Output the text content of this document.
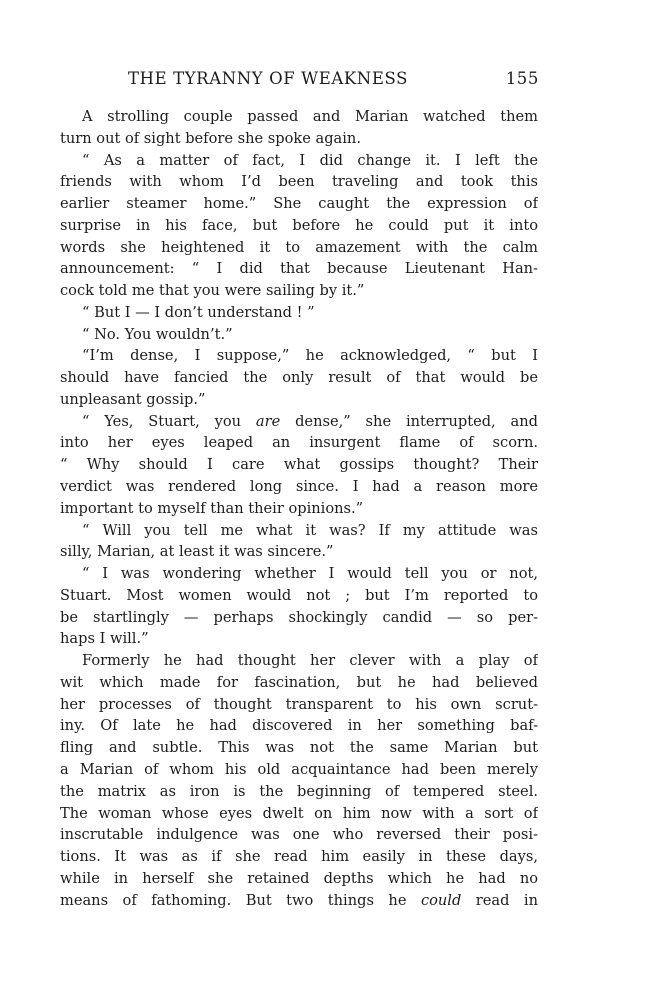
THE TYRANNY OF WEAKNESS	155
A strolling couple passed and Marian watched them
turn out of sight before she spoke again.
“ As a matter of fact, I did change it. I left the
friends with whom I’d been traveling and took this
earlier steamer home.” She caught the expression of
surprise in his face, but before he could put it into
words she heightened it to amazement with the calm
announcement: “ I did that because Lieutenant Han-
cock told me that you were sailing by it.”
“ But I — I don’t understand ! ”
“ No. You wouldn’t.”
“I’m dense, I suppose,” he acknowledged, “ but I
should have fancied the only result of that would be
unpleasant gossip.”
“ Yes, Stuart, you are dense,” she interrupted, and
into her eyes leaped an insurgent flame of scorn.
“ Why should I care what gossips thought? Their
verdict was rendered long since. I had a reason more
important to myself than their opinions.”
“ Will you tell me what it was? If my attitude was
silly, Marian, at least it was sincere.”
“ I was wondering whether I would tell you or not,
Stuart. Most women would not ; but I’m reported to
be startlingly — perhaps shockingly candid — so per-
haps I will.”
Formerly he had thought her clever with a play of
wit which made for fascination, but he had believed
her processes of thought transparent to his own scrut-
iny. Of late he had discovered in her something baf-
fling and subtle. This was not the same Marian but
a Marian of whom his old acquaintance had been merely
the matrix as iron is the beginning of tempered steel.
The woman whose eyes dwelt on him now with a sort of
inscrutable indulgence was one who reversed their posi-
tions. It was as if she read him easily in these days,
while in herself she retained depths which he had no
means of fathoming. But two things he could read in
